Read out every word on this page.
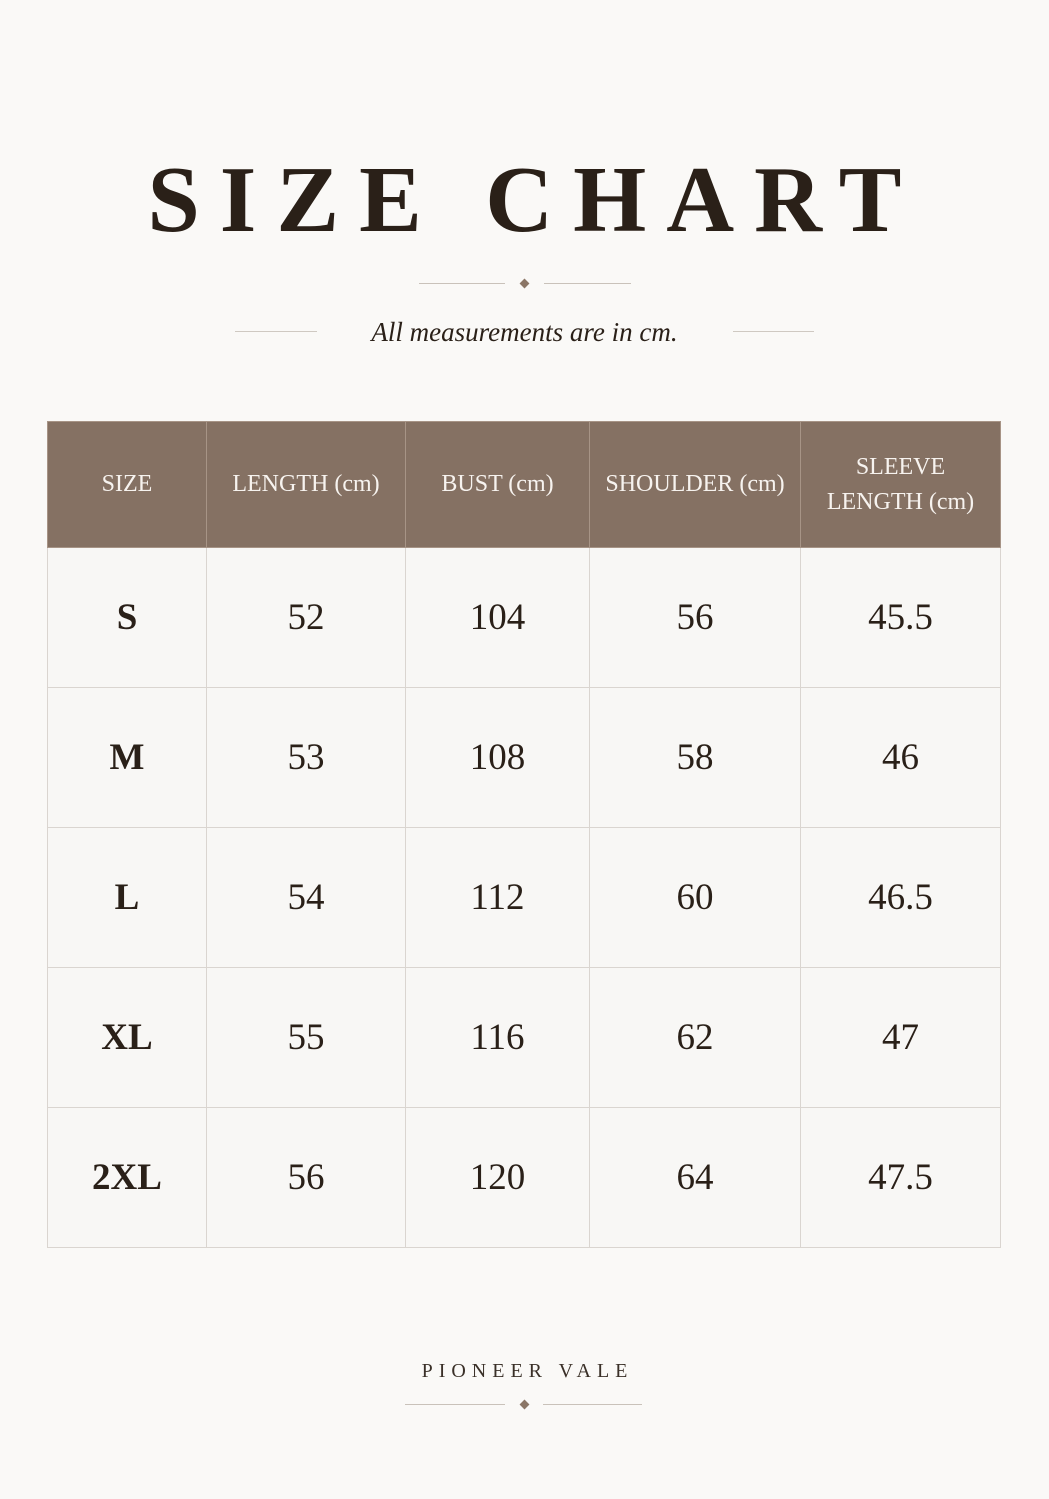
SIZE CHART
All measurements are in cm.
SIZE	LENGTH (cm)	BUST (cm)	SHOULDER (cm)	SLEEVE
LENGTH (cm)

S	52	104	56	45.5
M	53	108	58	46
L	54	112	60	46.5
XL	55	116	62	47
2XL	56	120	64	47.5
PIONEER VALE
